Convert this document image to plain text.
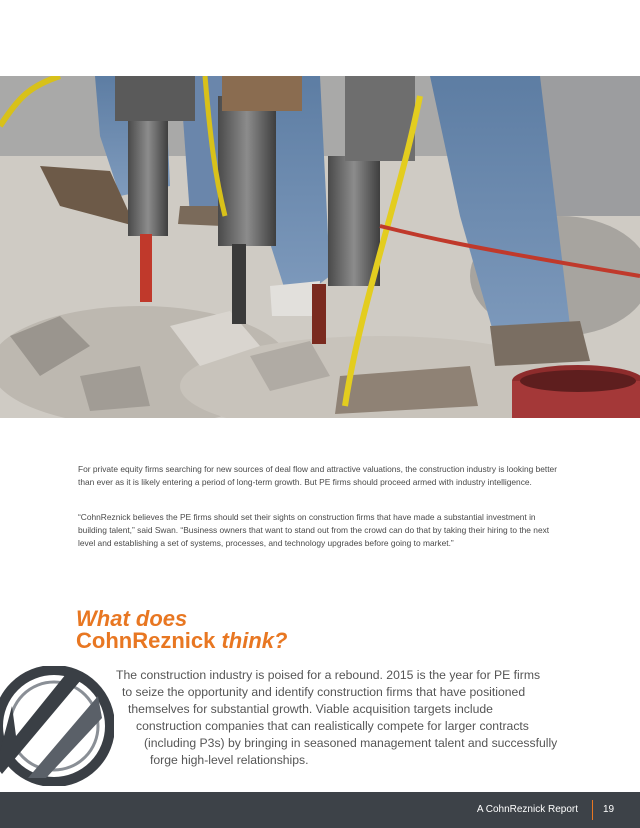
For private equity firms searching for new sources of deal flow and attractive valuations, the construction industry is looking better than ever as it is likely entering a period of long-term growth. But PE firms should proceed armed with industry intelligence.

“CohnReznick believes the PE firms should set their sights on construction firms that have made a substantial investment in building talent,” said Swan. “Business owners that want to stand out from the crowd can do that by taking their hiring to the next level and establishing a set of systems, processes, and technology upgrades before going to market.”

What does
CohnReznick think?
The construction industry is poised for a rebound. 2015 is the year for PE firms
to seize the opportunity and identify construction firms that have positioned
themselves for substantial growth. Viable acquisition targets include
construction companies that can realistically compete for larger contracts
(including P3s) by bringing in seasoned management talent and successfully
forge high-level relationships.
A CohnReznick Report	19
